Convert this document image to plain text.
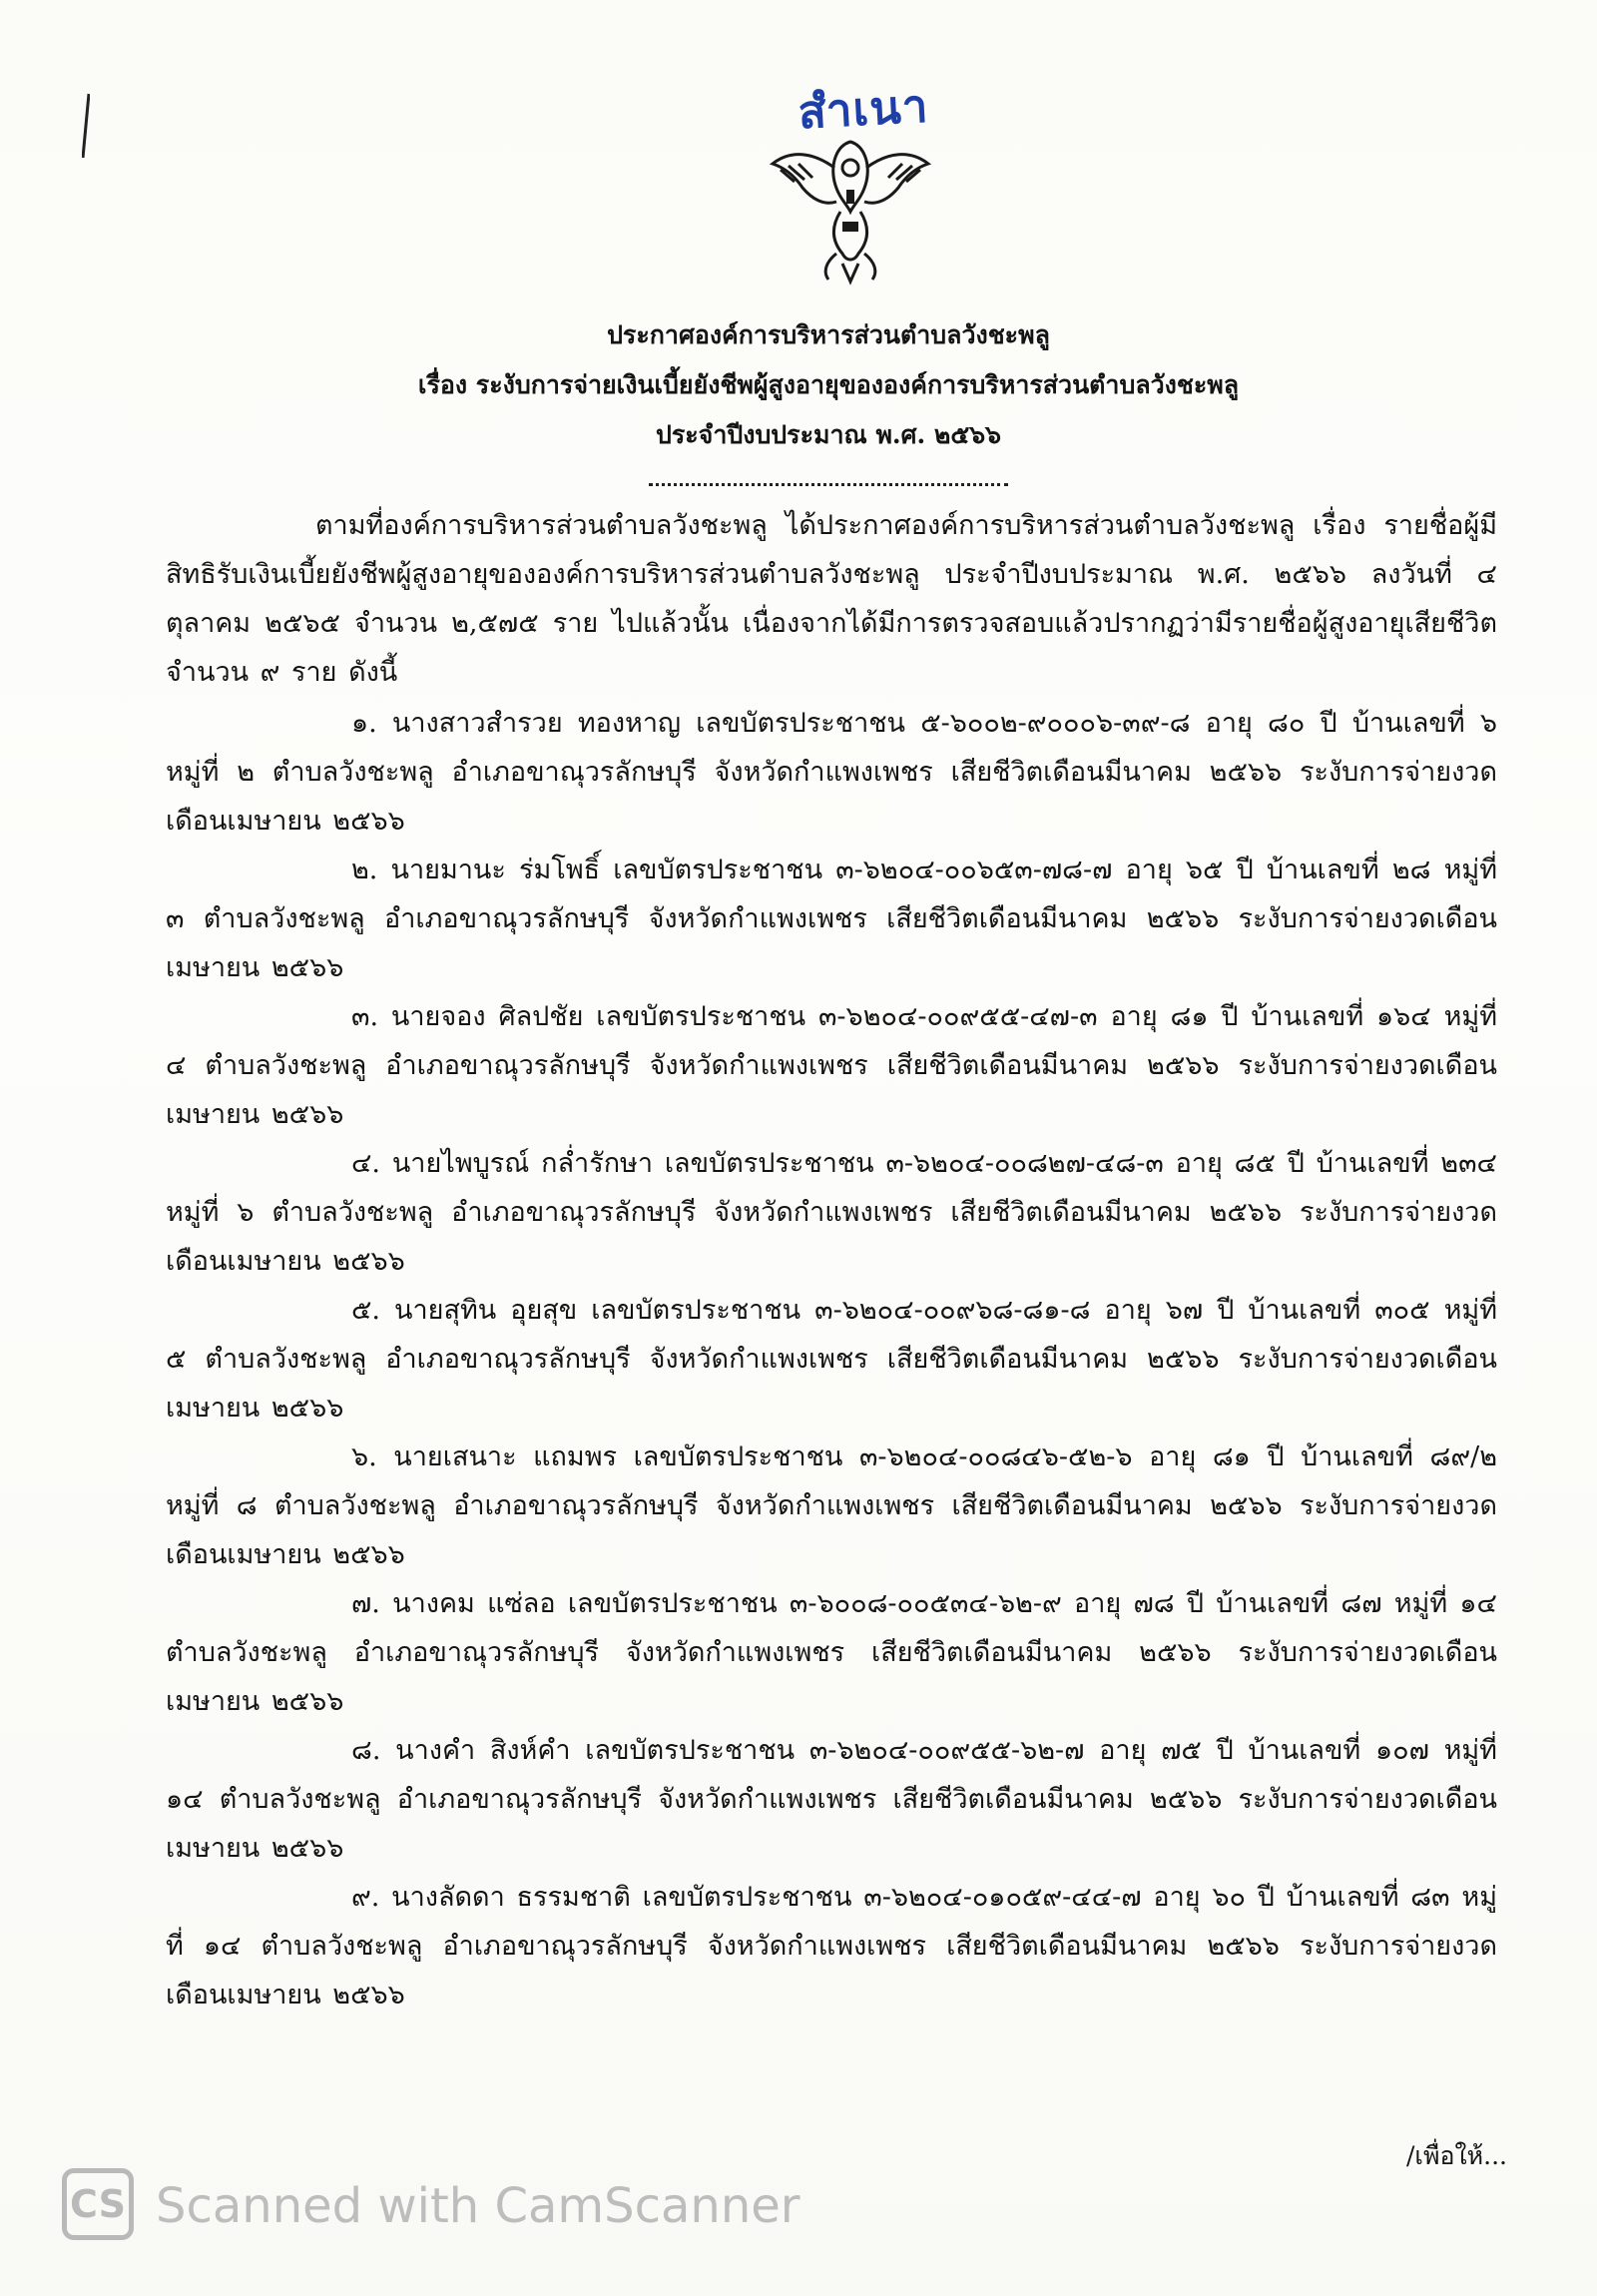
สำเนา
ประกาศองค์การบริหารส่วนตำบลวังชะพลู
เรื่อง ระงับการจ่ายเงินเบี้ยยังชีพผู้สูงอายุขององค์การบริหารส่วนตำบลวังชะพลู
ประจำปีงบประมาณ พ.ศ. ๒๕๖๖

ตามที่องค์การบริหารส่วนตำบลวังชะพลู ได้ประกาศองค์การบริหารส่วนตำบลวังชะพลู เรื่อง รายชื่อผู้มีสิทธิรับเงินเบี้ยยังชีพผู้สูงอายุขององค์การบริหารส่วนตำบลวังชะพลู ประจำปีงบประมาณ พ.ศ. ๒๕๖๖ ลงวันที่ ๔ ตุลาคม ๒๕๖๕ จำนวน ๒,๕๗๕ ราย ไปแล้วนั้น เนื่องจากได้มีการตรวจสอบแล้วปรากฏว่ามีรายชื่อผู้สูงอายุเสียชีวิต จำนวน ๙ ราย ดังนี้

๑. นางสาวสำรวย ทองหาญ เลขบัตรประชาชน ๕-๖๐๐๒-๙๐๐๐๖-๓๙-๘ อายุ ๘๐ ปี บ้านเลขที่ ๖ หมู่ที่ ๒ ตำบลวังชะพลู อำเภอขาณุวรลักษบุรี จังหวัดกำแพงเพชร เสียชีวิตเดือนมีนาคม ๒๕๖๖ ระงับการจ่ายงวดเดือนเมษายน ๒๕๖๖

๒. นายมานะ ร่มโพธิ์ เลขบัตรประชาชน ๓-๖๒๐๔-๐๐๖๕๓-๗๘-๗ อายุ ๖๕ ปี บ้านเลขที่ ๒๘ หมู่ที่ ๓ ตำบลวังชะพลู อำเภอขาณุวรลักษบุรี จังหวัดกำแพงเพชร เสียชีวิตเดือนมีนาคม ๒๕๖๖ ระงับการจ่ายงวดเดือนเมษายน ๒๕๖๖

๓. นายจอง ศิลปชัย เลขบัตรประชาชน ๓-๖๒๐๔-๐๐๙๕๕-๔๗-๓ อายุ ๘๑ ปี บ้านเลขที่ ๑๖๔ หมู่ที่ ๔ ตำบลวังชะพลู อำเภอขาณุวรลักษบุรี จังหวัดกำแพงเพชร เสียชีวิตเดือนมีนาคม ๒๕๖๖ ระงับการจ่ายงวดเดือนเมษายน ๒๕๖๖

๔. นายไพบูรณ์ กล่ำรักษา เลขบัตรประชาชน ๓-๖๒๐๔-๐๐๘๒๗-๔๘-๓ อายุ ๘๕ ปี บ้านเลขที่ ๒๓๔ หมู่ที่ ๖ ตำบลวังชะพลู อำเภอขาณุวรลักษบุรี จังหวัดกำแพงเพชร เสียชีวิตเดือนมีนาคม ๒๕๖๖ ระงับการจ่ายงวดเดือนเมษายน ๒๕๖๖

๕. นายสุทิน อุยสุข เลขบัตรประชาชน ๓-๖๒๐๔-๐๐๙๖๘-๘๑-๘ อายุ ๖๗ ปี บ้านเลขที่ ๓๐๕ หมู่ที่ ๕ ตำบลวังชะพลู อำเภอขาณุวรลักษบุรี จังหวัดกำแพงเพชร เสียชีวิตเดือนมีนาคม ๒๕๖๖ ระงับการจ่ายงวดเดือนเมษายน ๒๕๖๖

๖. นายเสนาะ แถมพร เลขบัตรประชาชน ๓-๖๒๐๔-๐๐๘๔๖-๕๒-๖ อายุ ๘๑ ปี บ้านเลขที่ ๘๙/๒ หมู่ที่ ๘ ตำบลวังชะพลู อำเภอขาณุวรลักษบุรี จังหวัดกำแพงเพชร เสียชีวิตเดือนมีนาคม ๒๕๖๖ ระงับการจ่ายงวดเดือนเมษายน ๒๕๖๖

๗. นางคม แซ่ลอ เลขบัตรประชาชน ๓-๖๐๐๘-๐๐๕๓๔-๖๒-๙ อายุ ๗๘ ปี บ้านเลขที่ ๘๗ หมู่ที่ ๑๔ ตำบลวังชะพลู อำเภอขาณุวรลักษบุรี จังหวัดกำแพงเพชร เสียชีวิตเดือนมีนาคม ๒๕๖๖ ระงับการจ่ายงวดเดือนเมษายน ๒๕๖๖

๘. นางคำ สิงห์คำ เลขบัตรประชาชน ๓-๖๒๐๔-๐๐๙๕๕-๖๒-๗ อายุ ๗๕ ปี บ้านเลขที่ ๑๐๗ หมู่ที่ ๑๔ ตำบลวังชะพลู อำเภอขาณุวรลักษบุรี จังหวัดกำแพงเพชร เสียชีวิตเดือนมีนาคม ๒๕๖๖ ระงับการจ่ายงวดเดือนเมษายน ๒๕๖๖

๙. นางลัดดา ธรรมชาติ เลขบัตรประชาชน ๓-๖๒๐๔-๐๑๐๕๙-๔๔-๗ อายุ ๖๐ ปี บ้านเลขที่ ๘๓ หมู่ที่ ๑๔ ตำบลวังชะพลู อำเภอขาณุวรลักษบุรี จังหวัดกำแพงเพชร เสียชีวิตเดือนมีนาคม ๒๕๖๖ ระงับการจ่ายงวดเดือนเมษายน ๒๕๖๖

/เพื่อให้...
CS Scanned with CamScanner
